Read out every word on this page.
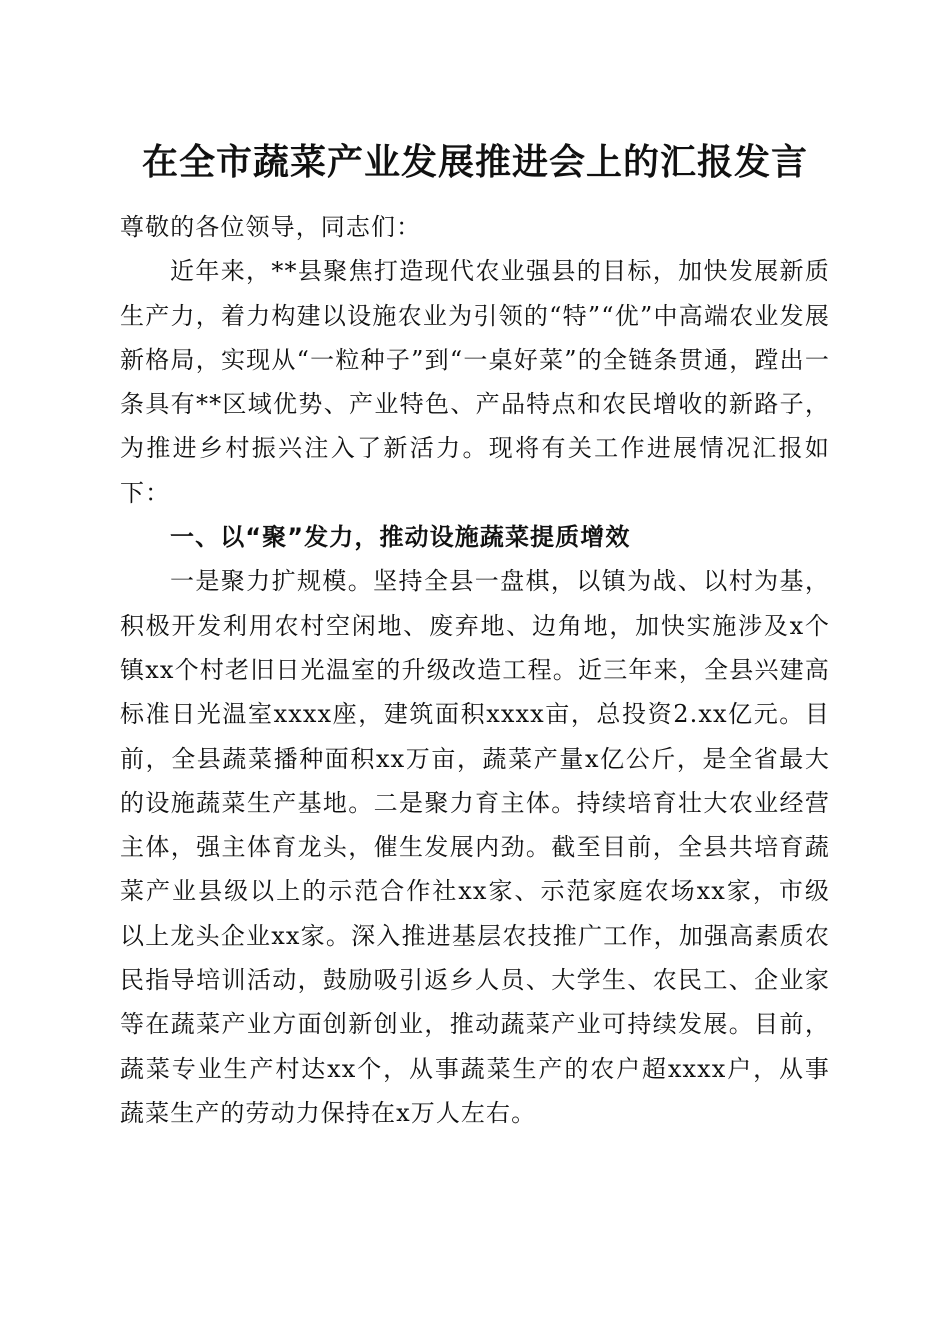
在全市蔬菜产业发展推进会上的汇报发言

尊敬的各位领导，同志们：

近年来，**县聚焦打造现代农业强县的目标，加快发展新质生产力，着力构建以设施农业为引领的“特”“优”中高端农业发展新格局，实现从“一粒种子”到“一桌好菜”的全链条贯通，蹚出一条具有**区域优势、产业特色、产品特点和农民增收的新路子，为推进乡村振兴注入了新活力。现将有关工作进展情况汇报如下：

一、以“聚”发力，推动设施蔬菜提质增效

一是聚力扩规模。坚持全县一盘棋，以镇为战、以村为基，积极开发利用农村空闲地、废弃地、边角地，加快实施涉及x个镇xx个村老旧日光温室的升级改造工程。近三年来，全县兴建高标准日光温室xxxx座，建筑面积xxxx亩，总投资2.xx亿元。目前，全县蔬菜播种面积xx万亩，蔬菜产量x亿公斤，是全省最大的设施蔬菜生产基地。二是聚力育主体。持续培育壮大农业经营主体，强主体育龙头，催生发展内劲。截至目前，全县共培育蔬菜产业县级以上的示范合作社xx家、示范家庭农场xx家，市级以上龙头企业xx家。深入推进基层农技推广工作，加强高素质农民指导培训活动，鼓励吸引返乡人员、大学生、农民工、企业家等在蔬菜产业方面创新创业，推动蔬菜产业可持续发展。目前，蔬菜专业生产村达xx个，从事蔬菜生产的农户超xxxx户，从事蔬菜生产的劳动力保持在x万人左右。
